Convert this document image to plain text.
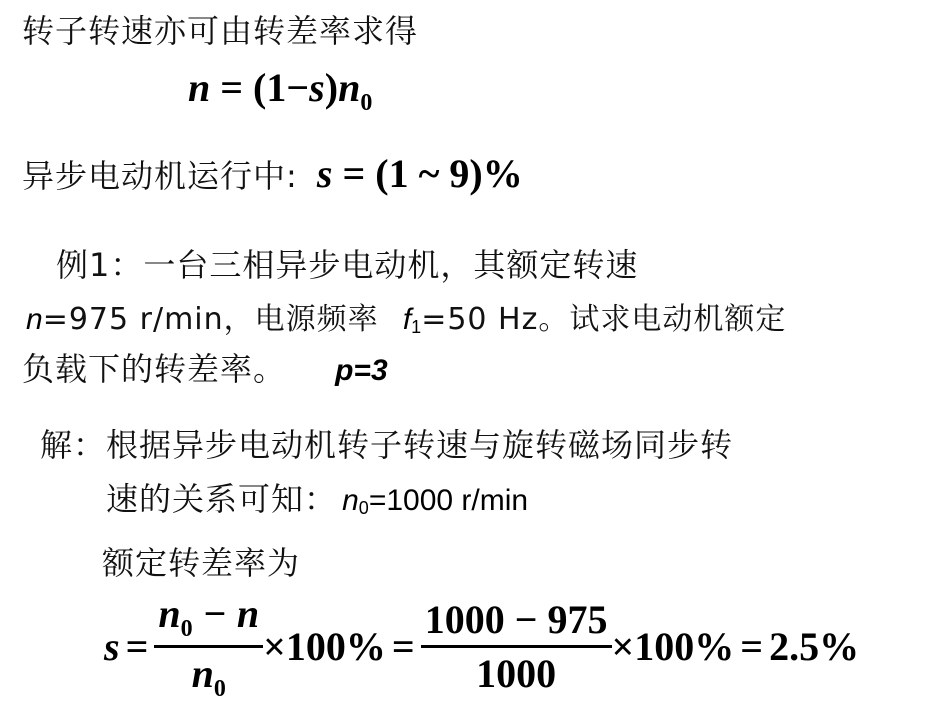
转子转速亦可由转差率求得
$n = (1-s)n_0$
异步电动机运行中: s = (1 ~ 9)%
例1：一台三相异步电动机，其额定转速
n=975 r/min，电源频率 $f_1=50$ Hz。试求电动机额定
负载下的转差率。 p=3
解：根据异步电动机转子转速与旋转磁场同步转
速的关系可知： $n_0=1000$ r/min
额定转差率为
$s = \frac{n_0 - n}{n_0} \times 100\% = \frac{1000 - 975}{1000} \times 100\% = 2.5\%$
